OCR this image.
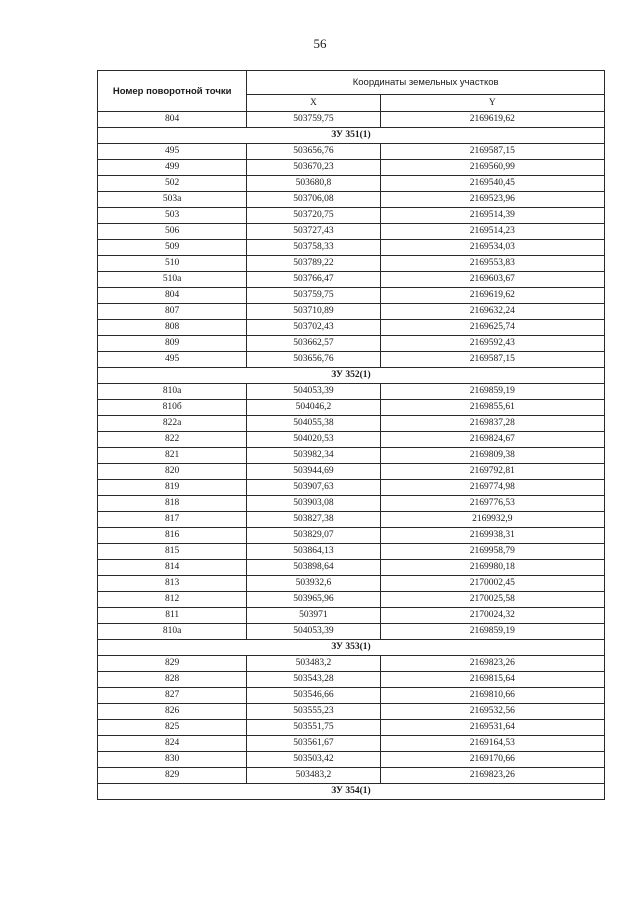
56
Номер поворотной точки	Координаты земельных участков	
	X	Y
804	503759,75	2169619,62
ЗУ 351(1)		
495	503656,76	2169587,15
499	503670,23	2169560,99
502	503680,8	2169540,45
503а	503706,08	2169523,96
503	503720,75	2169514,39
506	503727,43	2169514,23
509	503758,33	2169534,03
510	503789,22	2169553,83
510а	503766,47	2169603,67
804	503759,75	2169619,62
807	503710,89	2169632,24
808	503702,43	2169625,74
809	503662,57	2169592,43
495	503656,76	2169587,15
ЗУ 352(1)		
810а	504053,39	2169859,19
810б	504046,2	2169855,61
822а	504055,38	2169837,28
822	504020,53	2169824,67
821	503982,34	2169809,38
820	503944,69	2169792,81
819	503907,63	2169774,98
818	503903,08	2169776,53
817	503827,38	2169932,9
816	503829,07	2169938,31
815	503864,13	2169958,79
814	503898,64	2169980,18
813	503932,6	2170002,45
812	503965,96	2170025,58
811	503971	2170024,32
810а	504053,39	2169859,19
ЗУ 353(1)		
829	503483,2	2169823,26
828	503543,28	2169815,64
827	503546,66	2169810,66
826	503555,23	2169532,56
825	503551,75	2169531,64
824	503561,67	2169164,53
830	503503,42	2169170,66
829	503483,2	2169823,26
ЗУ 354(1)		
